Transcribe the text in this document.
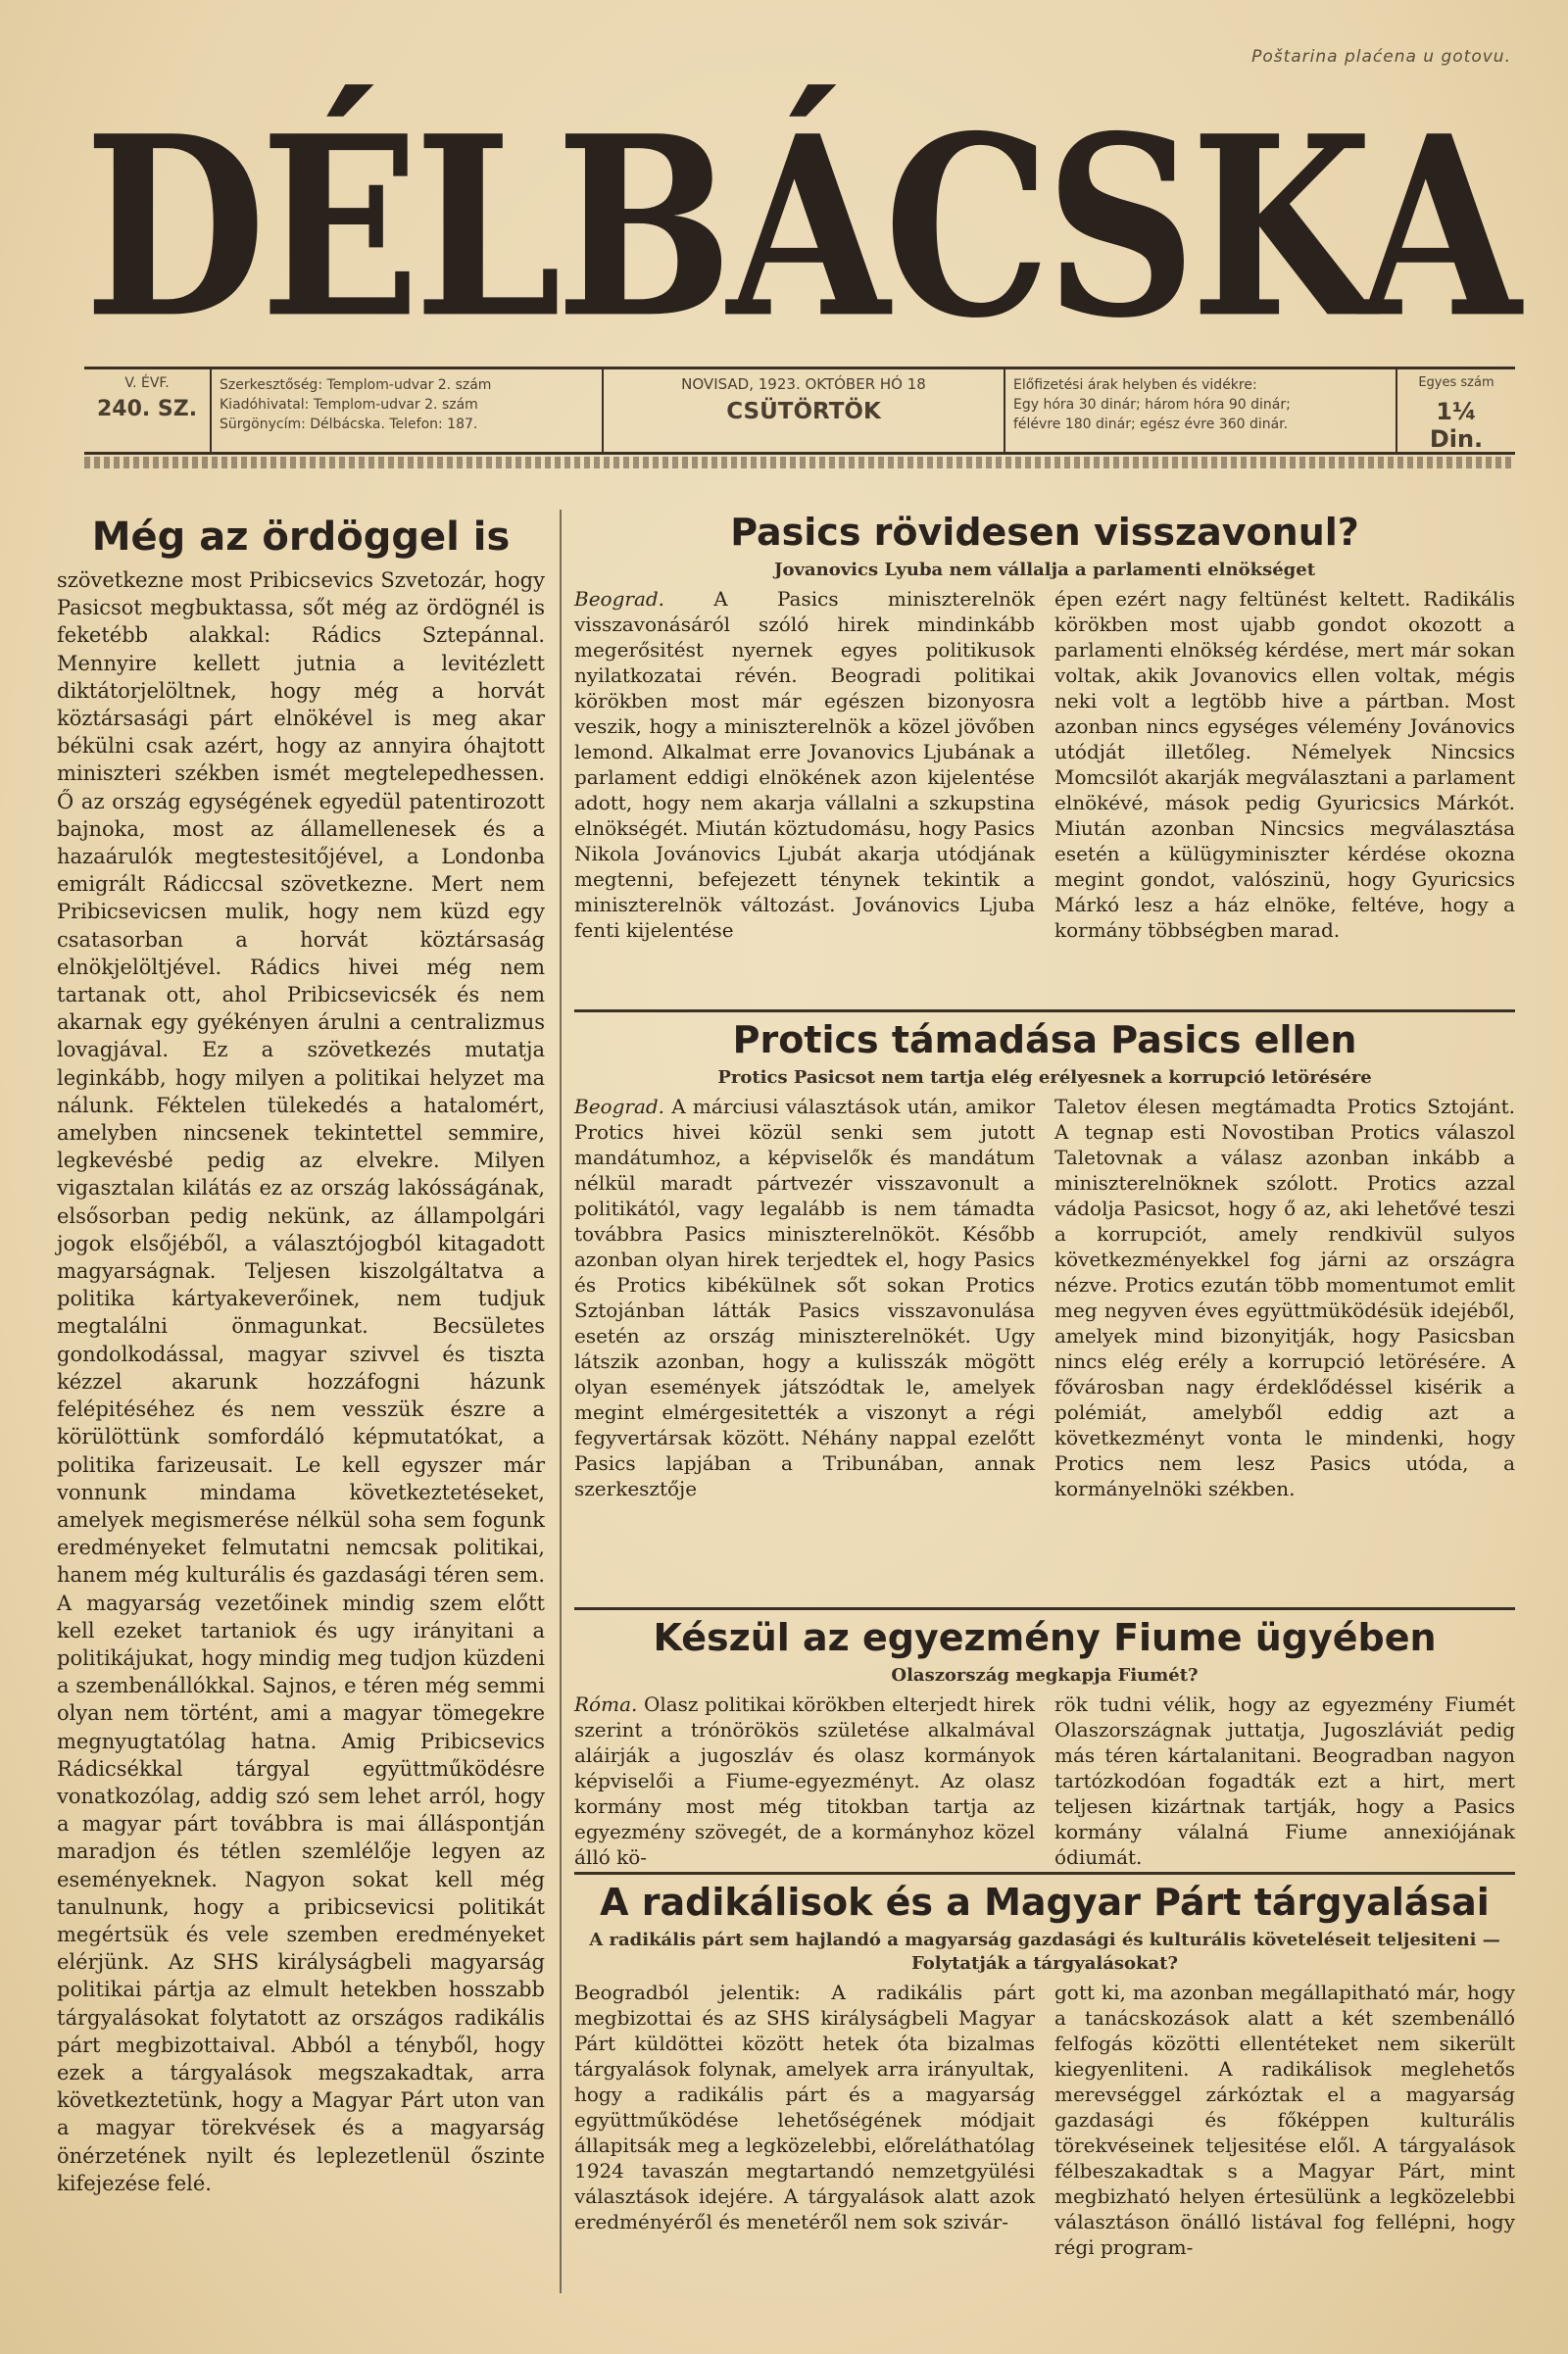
Poštarina plaćena u gotovu.
DÉLBÁCSKA
V. ÉVF.
240. SZ.
Szerkesztőség: Templom-udvar 2. szám
Kiadóhivatal: Templom-udvar 2. szám
Sürgönycím: Délbácska. Telefon: 187.
NOVISAD, 1923. OKTÓBER HÓ 18
CSÜTÖRTÖK
Előfizetési árak helyben és vidékre:
Egy hóra 30 dinár; három hóra 90 dinár;
félévre 180 dinár; egész évre 360 dinár.
Egyes szám
1¼ Din.
Még az ördöggel is

szövetkezne most Pribicsevics Szvetozár, hogy Pasicsot megbuktassa, sőt még az ördögnél is feketébb alakkal: Rádics Sztepánnal. Mennyire kellett jutnia a levitézlett diktátorjelöltnek, hogy még a horvát köztársasági párt elnökével is meg akar békülni csak azért, hogy az annyira óhajtott miniszteri székben ismét megtelepedhessen. Ő az ország egységének egyedül patentirozott bajnoka, most az államellenesek és a hazaárulók megtestesitőjével, a Londonba emigrált Rádiccsal szövetkezne. Mert nem Pribicsevicsen mulik, hogy nem küzd egy csatasorban a horvát köztársaság elnökjelöltjével. Rádics hivei még nem tartanak ott, ahol Pribicsevicsék és nem akarnak egy gyékényen árulni a centralizmus lovagjával. Ez a szövetkezés mutatja leginkább, hogy milyen a politikai helyzet ma nálunk. Féktelen tülekedés a hatalomért, amelyben nincsenek tekintettel semmire, legkevésbé pedig az elvekre. Milyen vigasztalan kilátás ez az ország lakósságának, elsősorban pedig nekünk, az állampolgári jogok elsőjéből, a választójogból kitagadott magyarságnak. Teljesen kiszolgáltatva a politika kártyakeverőinek, nem tudjuk megtalálni önmagunkat. Becsületes gondolkodással, magyar szivvel és tiszta kézzel akarunk hozzáfogni házunk felépitéséhez és nem vesszük észre a körülöttünk somfordáló képmutatókat, a politika farizeusait. Le kell egyszer már vonnunk mindama következtetéseket, amelyek megismerése nélkül soha sem fogunk eredményeket felmutatni nemcsak politikai, hanem még kulturális és gazdasági téren sem. A magyarság vezetőinek mindig szem előtt kell ezeket tartaniok és ugy irányitani a politikájukat, hogy mindig meg tudjon küzdeni a szembenállókkal. Sajnos, e téren még semmi olyan nem történt, ami a magyar tömegekre megnyugtatólag hatna. Amig Pribicsevics Rádicsékkal tárgyal együttműködésre vonatkozólag, addig szó sem lehet arról, hogy a magyar párt továbbra is mai álláspontján maradjon és tétlen szemlélője legyen az eseményeknek. Nagyon sokat kell még tanulnunk, hogy a pribicsevicsi politikát megértsük és vele szemben eredményeket elérjünk. Az SHS királyságbeli magyarság politikai pártja az elmult hetekben hosszabb tárgyalásokat folytatott az országos radikális párt megbizottaival. Abból a tényből, hogy ezek a tárgyalások megszakadtak, arra következtetünk, hogy a Magyar Párt uton van a magyar törekvések és a magyarság önérzetének nyilt és leplezetlenül őszinte kifejezése felé.

Pasics rövidesen visszavonul?
Jovanovics Lyuba nem vállalja a parlamenti elnökséget

Beograd.	A Pasics miniszterelnök visszavonásáról szóló hirek mindinkább megerősitést nyernek egyes politikusok nyilatkozatai révén. Beogradi politikai körökben most már egészen bizonyosra veszik, hogy a miniszterelnök a közel jövőben lemond. Alkalmat erre Jovanovics Ljubának a parlament eddigi elnökének azon kijelentése adott, hogy nem akarja vállalni a szkupstina elnökségét. Miután köztudomásu, hogy Pasics Nikola Jovánovics Ljubát akarja utódjának megtenni, befejezett ténynek tekintik a miniszterelnök változást. Jovánovics Ljuba fenti kijelentése

épen ezért nagy feltünést keltett. Radikális körökben most ujabb gondot okozott a parlamenti elnökség kérdése, mert már sokan voltak, akik Jovanovics ellen voltak, mégis neki volt a legtöbb hive a pártban. Most azonban nincs egységes vélemény Jovánovics utódját illetőleg. Némelyek Nincsics Momcsilót akarják megválasztani a parlament elnökévé, mások pedig Gyuricsics Márkót. Miután azonban Nincsics megválasztása esetén a külügyminiszter kérdése okozna megint gondot, valószinü, hogy Gyuricsics Márkó lesz a ház elnöke, feltéve, hogy a kormány többségben marad.

Protics támadása Pasics ellen
Protics Pasicsot nem tartja elég erélyesnek a korrupció letörésére

Beograd. A márciusi választások után, amikor Protics hivei közül senki sem jutott mandátumhoz, a képviselők és mandátum nélkül maradt pártvezér visszavonult a politikától, vagy legalább is nem támadta továbbra Pasics miniszterelnököt. Később azonban olyan hirek terjedtek el, hogy Pasics és Protics kibékülnek sőt sokan Protics Sztojánban látták Pasics visszavonulása esetén az ország miniszterelnökét. Ugy látszik azonban, hogy a kulisszák mögött olyan események játszódtak le, amelyek megint elmérgesitették a viszonyt a régi fegyvertársak között. Néhány nappal ezelőtt Pasics lapjában a Tribunában, annak szerkesztője

Taletov élesen megtámadta Protics Sztojánt. A tegnap esti Novostiban Protics válaszol Taletovnak a válasz azonban inkább a miniszterelnöknek szólott. Protics azzal vádolja Pasicsot, hogy ő az, aki lehetővé teszi a korrupciót, amely rendkivül sulyos következményekkel fog járni az országra nézve. Protics ezután több momentumot emlit meg negyven éves együttmüködésük idejéből, amelyek mind bizonyitják, hogy Pasicsban nincs elég erély a korrupció letörésére. A fővárosban nagy érdeklődéssel kisérik a polémiát, amelyből eddig azt a következményt vonta le mindenki, hogy Protics nem lesz Pasics utóda, a kormányelnöki székben.

Készül az egyezmény Fiume ügyében
Olaszország megkapja Fiumét?

Róma. Olasz politikai körökben elterjedt hirek szerint a trónörökös születése alkalmával aláirják a jugoszláv és olasz kormányok képviselői a Fiume-egyezményt. Az olasz kormány most még titokban tartja az egyezmény szövegét, de a kormányhoz közel álló kö-

rök tudni vélik, hogy az egyezmény Fiumét Olaszországnak juttatja, Jugoszláviát pedig más téren kártalanitani. Beogradban nagyon tartózkodóan fogadták ezt a hirt, mert teljesen kizártnak tartják, hogy a Pasics kormány válalná Fiume annexiójának ódiumát.

A radikálisok és a Magyar Párt tárgyalásai
A radikális párt sem hajlandó a magyarság gazdasági és kulturális követeléseit teljesiteni — Folytatják a tárgyalásokat?

Beogradból jelentik: A radikális párt megbizottai és az SHS királyságbeli Magyar Párt küldöttei között hetek óta bizalmas tárgyalások folynak, amelyek arra irányultak, hogy a radikális párt és a magyarság együttműködése lehetőségének módjait állapitsák meg a legközelebbi, előreláthatólag 1924 tavaszán megtartandó nemzetgyülési választások idejére. A tárgyalások alatt azok eredményéről és menetéről nem sok szivár-

gott ki, ma azonban megállapitható már, hogy a tanácskozások alatt a két szembenálló felfogás közötti ellentéteket nem sikerült kiegyenliteni. A radikálisok meglehetős merevséggel zárkóztak el a magyarság gazdasági és főképpen kulturális törekvéseinek teljesitése elől. A tárgyalások félbeszakadtak s a Magyar Párt, mint megbizható helyen értesülünk a legközelebbi választáson önálló listával fog fellépni, hogy régi program-
